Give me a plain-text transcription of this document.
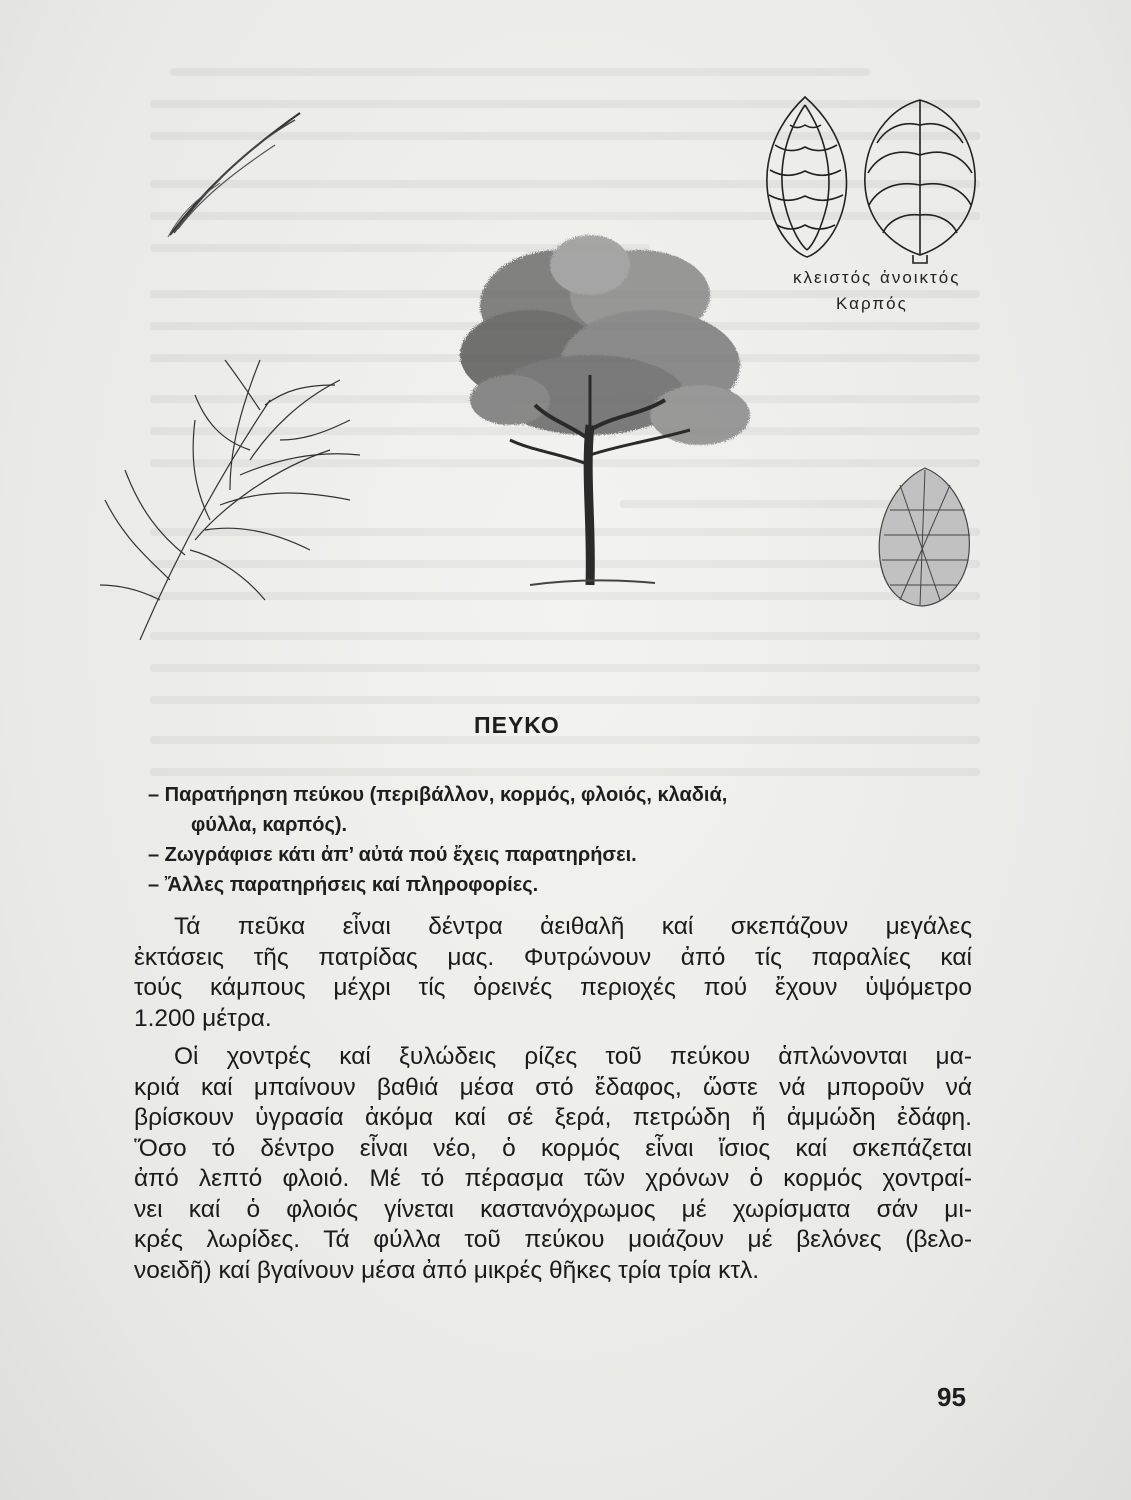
κλειστός ἀνοικτός
Καρπός
ΠΕΥΚΟ
– Παρατήρηση πεύκου (περιβάλλον, κορμός, φλοιός, κλαδιά,
φύλλα, καρπός).
– Ζωγράφισε κάτι ἀπ’ αὐτά πού ἔχεις παρατηρήσει.
– Ἄλλες παρατηρήσεις καί πληροφορίες.
Τά πεῦκα εἶναι δέντρα ἀειθαλῆ καί σκεπάζουν μεγάλες
ἐκτάσεις τῆς πατρίδας μας. Φυτρώνουν ἀπό τίς παραλίες καί
τούς κάμπους μέχρι τίς ὀρεινές περιοχές πού ἔχουν ὑψόμετρο
1.200 μέτρα.
Οἱ χοντρές καί ξυλώδεις ρίζες τοῦ πεύκου ἁπλώνονται μα-
κριά καί μπαίνουν βαθιά μέσα στό ἔδαφος, ὥστε νά μποροῦν νά
βρίσκουν ὑγρασία ἀκόμα καί σέ ξερά, πετρώδη ἤ ἀμμώδη ἐδάφη.
Ὅσο τό δέντρο εἶναι νέο, ὁ κορμός εἶναι ἴσιος καί σκεπάζεται
ἀπό λεπτό φλοιό. Μέ τό πέρασμα τῶν χρόνων ὁ κορμός χοντραί-
νει καί ὁ φλοιός γίνεται καστανόχρωμος μέ χωρίσματα σάν μι-
κρές λωρίδες. Τά φύλλα τοῦ πεύκου μοιάζουν μέ βελόνες (βελο-
νοειδῆ) καί βγαίνουν μέσα ἀπό μικρές θῆκες τρία τρία κτλ.
95
